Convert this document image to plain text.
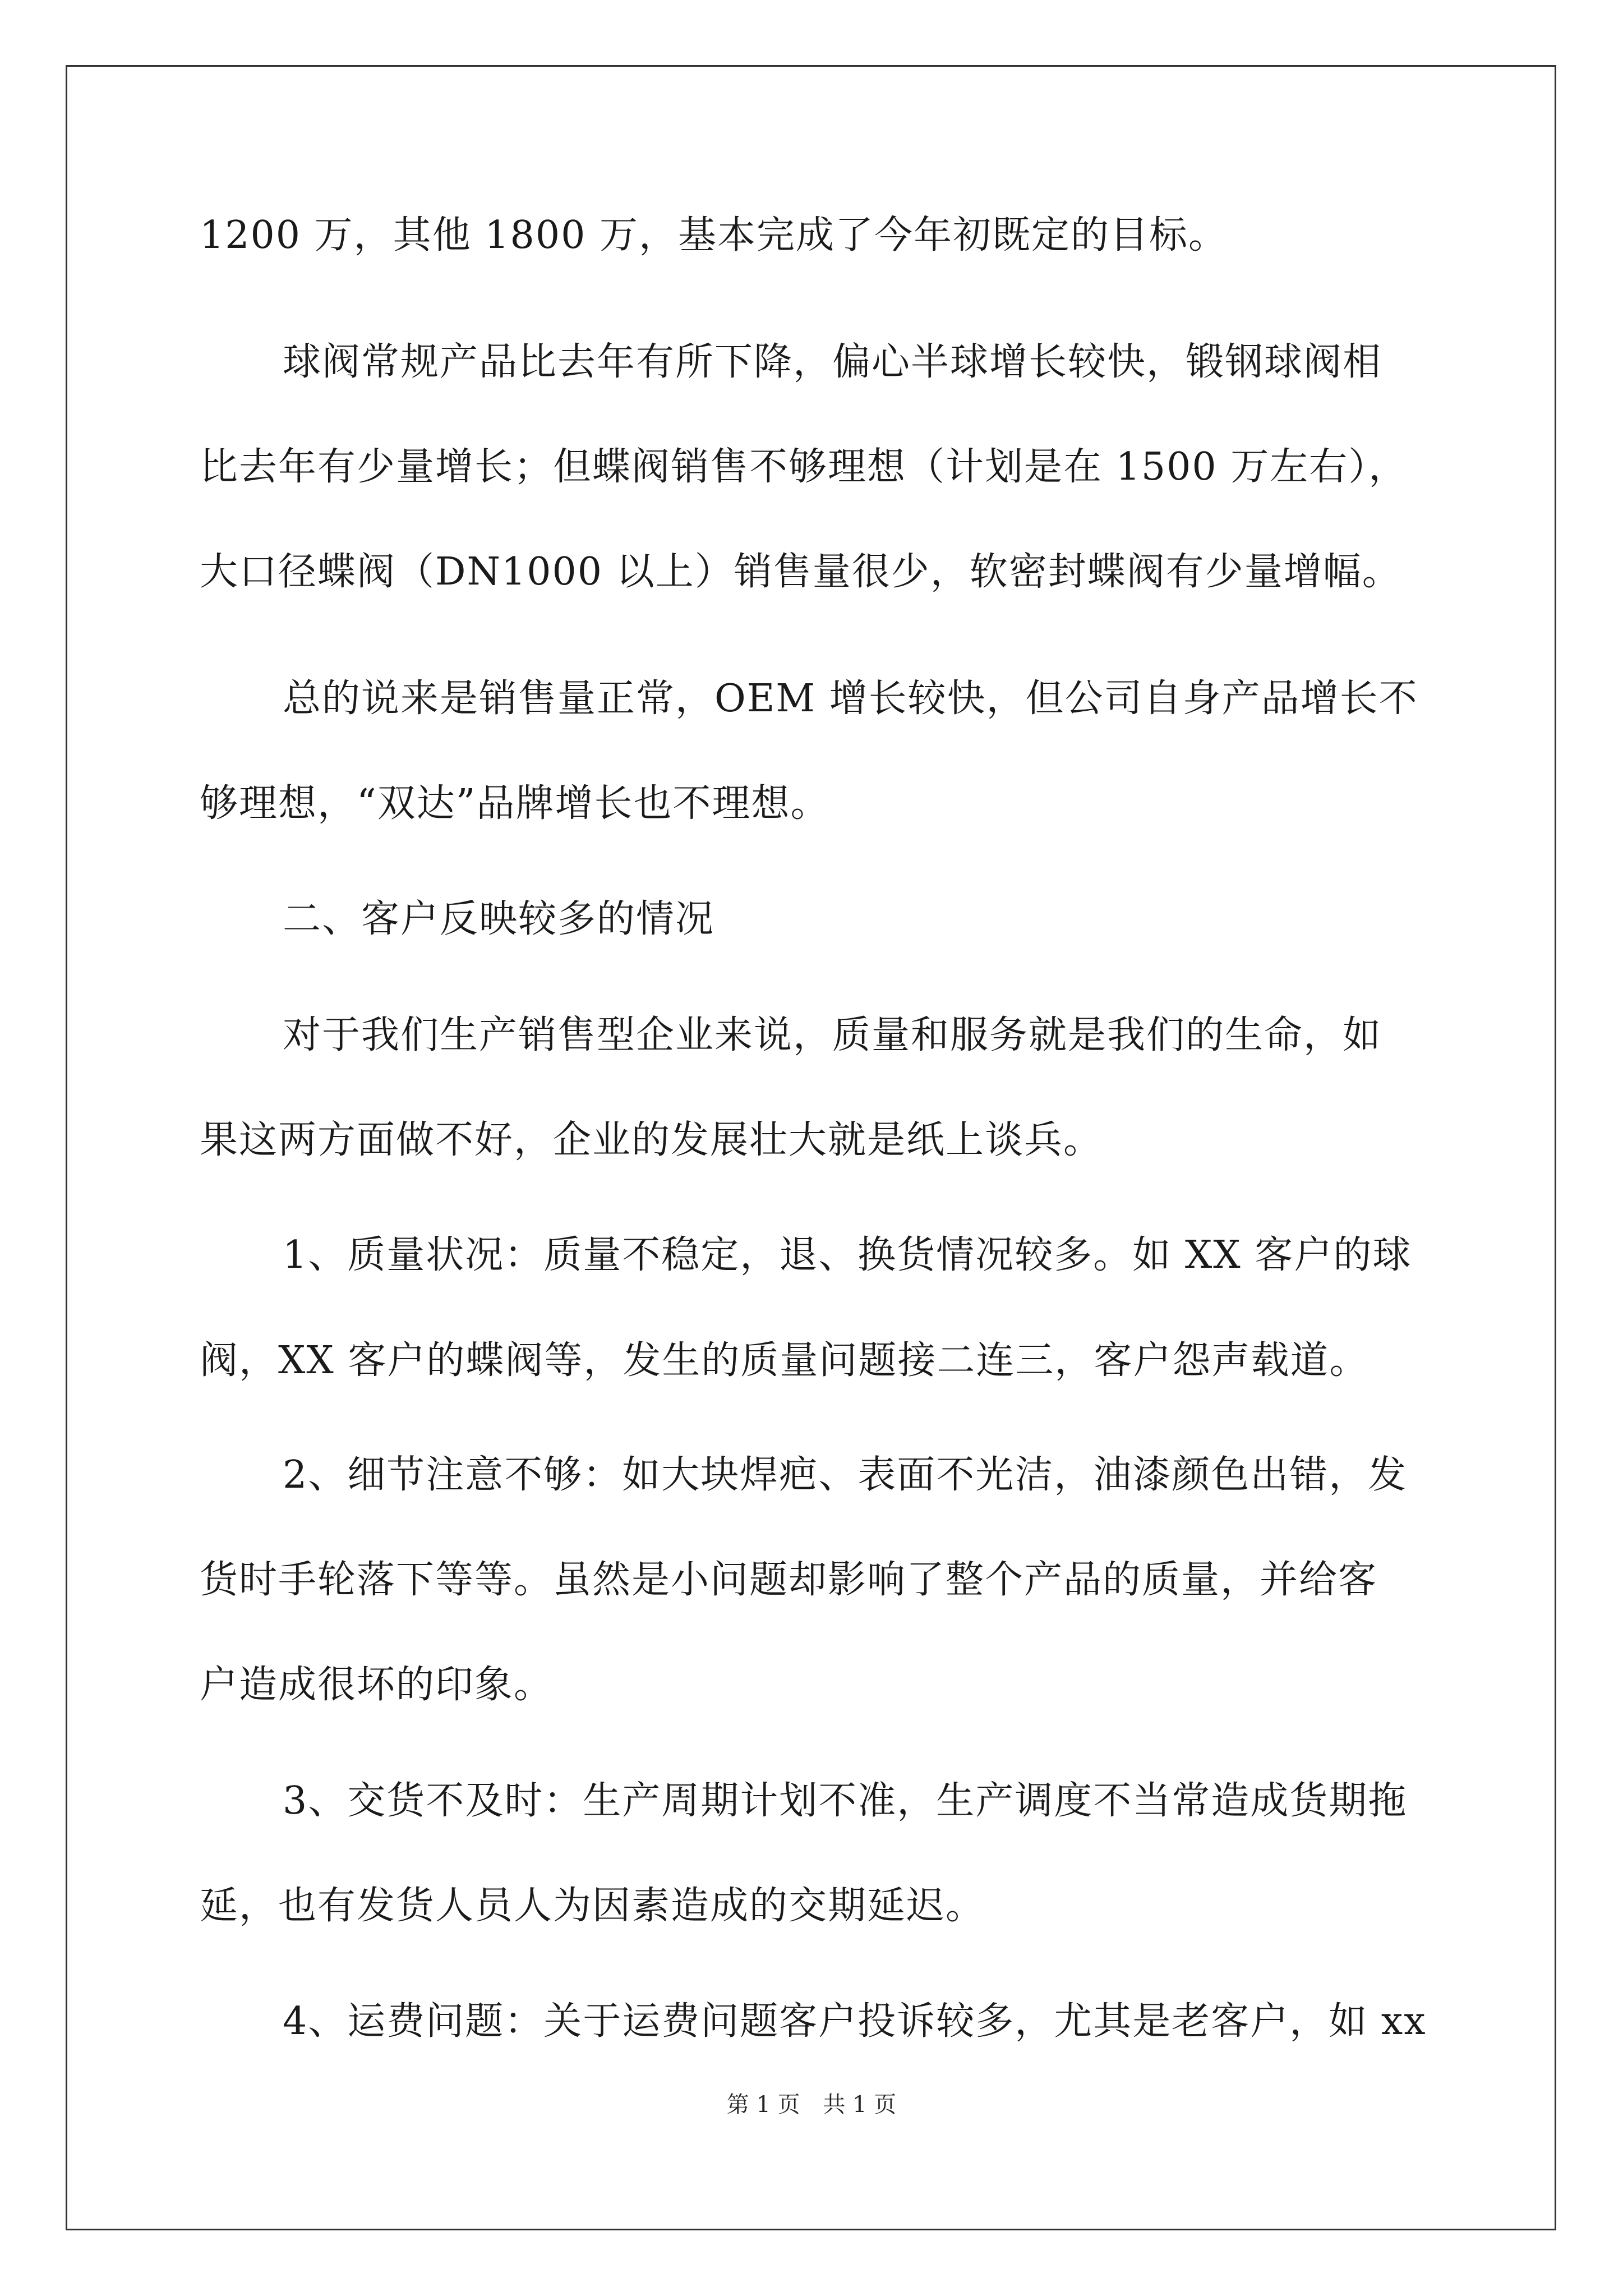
1200 万，其他 1800 万，基本完成了今年初既定的目标。
球阀常规产品比去年有所下降，偏心半球增长较快，锻钢球阀相
比去年有少量增长；但蝶阀销售不够理想（计划是在 1500 万左右），
大口径蝶阀（DN1000 以上）销售量很少，软密封蝶阀有少量增幅。
总的说来是销售量正常，OEM 增长较快，但公司自身产品增长不
够理想，“双达”品牌增长也不理想。
二、客户反映较多的情况
对于我们生产销售型企业来说，质量和服务就是我们的生命，如
果这两方面做不好，企业的发展壮大就是纸上谈兵。
1、质量状况：质量不稳定，退、换货情况较多。如 XX 客户的球
阀，XX 客户的蝶阀等，发生的质量问题接二连三，客户怨声载道。
2、细节注意不够：如大块焊疤、表面不光洁，油漆颜色出错，发
货时手轮落下等等。虽然是小问题却影响了整个产品的质量，并给客
户造成很坏的印象。
3、交货不及时：生产周期计划不准，生产调度不当常造成货期拖
延，也有发货人员人为因素造成的交期延迟。
4、运费问题：关于运费问题客户投诉较多，尤其是老客户，如 xx
第 1 页 共 1 页
